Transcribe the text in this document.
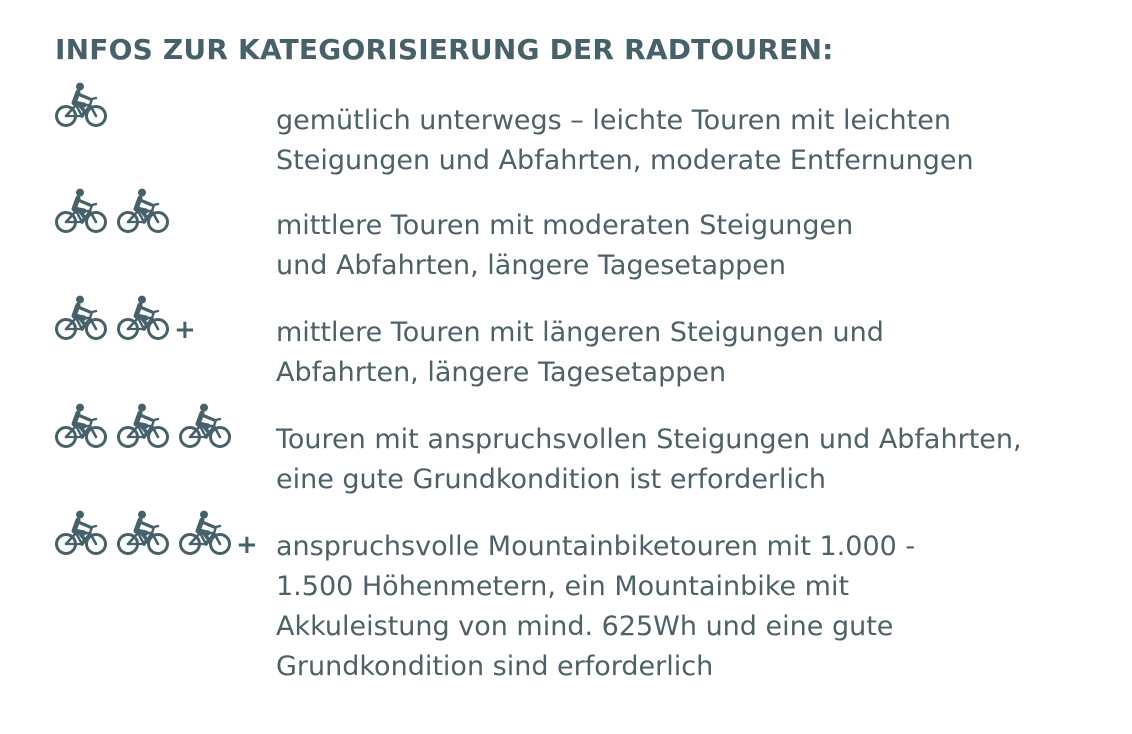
INFOS ZUR KATEGORISIERUNG DER RADTOUREN:
gemütlich unterwegs – leichte Touren mit leichten
Steigungen und Abfahrten, moderate Entfernungen
mittlere Touren mit moderaten Steigungen
und Abfahrten, längere Tagesetappen
+	mittlere Touren mit längeren Steigungen und
Abfahrten, längere Tagesetappen
Touren mit anspruchsvollen Steigungen und Abfahrten,
eine gute Grundkondition ist erforderlich
+ anspruchsvolle Mountainbiketouren mit 1.000 -
1.500 Höhenmetern, ein Mountainbike mit
Akkuleistung von mind. 625Wh und eine gute
Grundkondition sind erforderlich
